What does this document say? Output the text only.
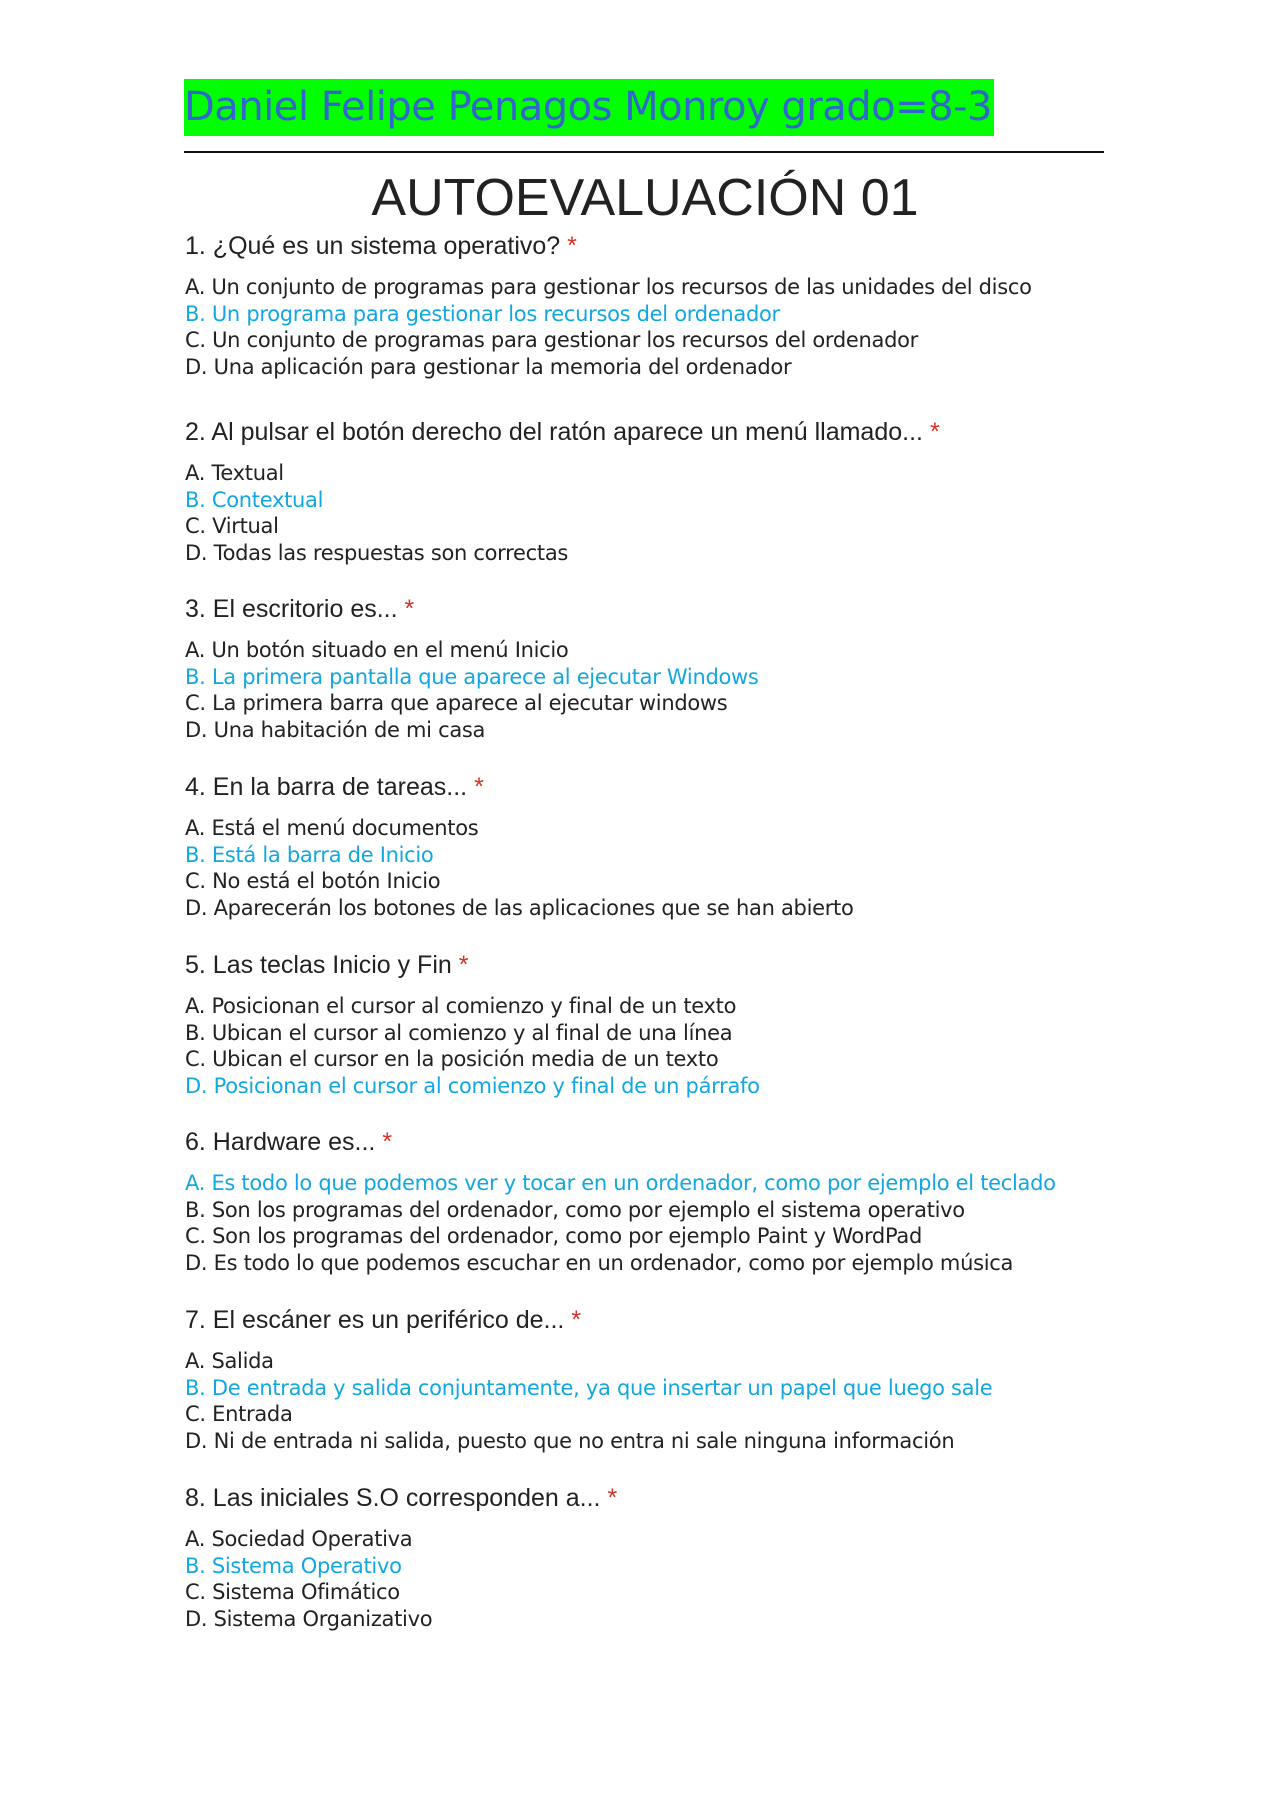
Daniel Felipe Penagos Monroy grado=8-3
AUTOEVALUACIÓN 01
1. ¿Qué es un sistema operativo? *
A. Un conjunto de programas para gestionar los recursos de las unidades del disco
B. Un programa para gestionar los recursos del ordenador
C. Un conjunto de programas para gestionar los recursos del ordenador
D. Una aplicación para gestionar la memoria del ordenador
2. Al pulsar el botón derecho del ratón aparece un menú llamado... *
A. Textual
B. Contextual
C. Virtual
D. Todas las respuestas son correctas
3. El escritorio es... *
A. Un botón situado en el menú Inicio
B. La primera pantalla que aparece al ejecutar Windows
C. La primera barra que aparece al ejecutar windows
D. Una habitación de mi casa
4. En la barra de tareas... *
A. Está el menú documentos
B. Está la barra de Inicio
C. No está el botón Inicio
D. Aparecerán los botones de las aplicaciones que se han abierto
5. Las teclas Inicio y Fin *
A. Posicionan el cursor al comienzo y final de un texto
B. Ubican el cursor al comienzo y al final de una línea
C. Ubican el cursor en la posición media de un texto
D. Posicionan el cursor al comienzo y final de un párrafo
6. Hardware es... *
A. Es todo lo que podemos ver y tocar en un ordenador, como por ejemplo el teclado
B. Son los programas del ordenador, como por ejemplo el sistema operativo
C. Son los programas del ordenador, como por ejemplo Paint y WordPad
D. Es todo lo que podemos escuchar en un ordenador, como por ejemplo música
7. El escáner es un periférico de... *
A. Salida
B. De entrada y salida conjuntamente, ya que insertar un papel que luego sale
C. Entrada
D. Ni de entrada ni salida, puesto que no entra ni sale ninguna información
8. Las iniciales S.O corresponden a... *
A. Sociedad Operativa
B. Sistema Operativo
C. Sistema Ofimático
D. Sistema Organizativo
